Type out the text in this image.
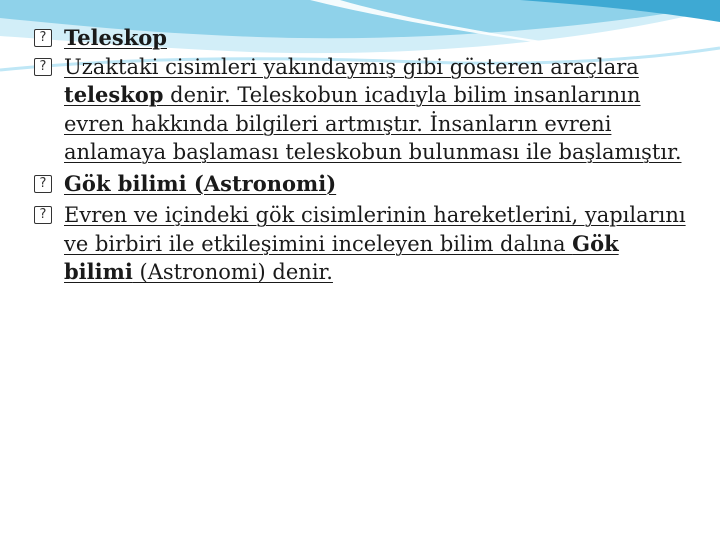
? Teleskop

? Uzaktaki cisimleri yakındaymış gibi gösteren araçlara teleskop denir. Teleskobun icadıyla bilim insanlarının evren hakkında bilgileri artmıştır. İnsanların evreni anlamaya başlaması teleskobun bulunması ile başlamıştır.

? Gök bilimi (Astronomi)

? Evren ve içindeki gök cisimlerinin hareketlerini, yapılarını ve birbiri ile etkileşimini inceleyen bilim dalına Gök bilimi (Astronomi) denir.
